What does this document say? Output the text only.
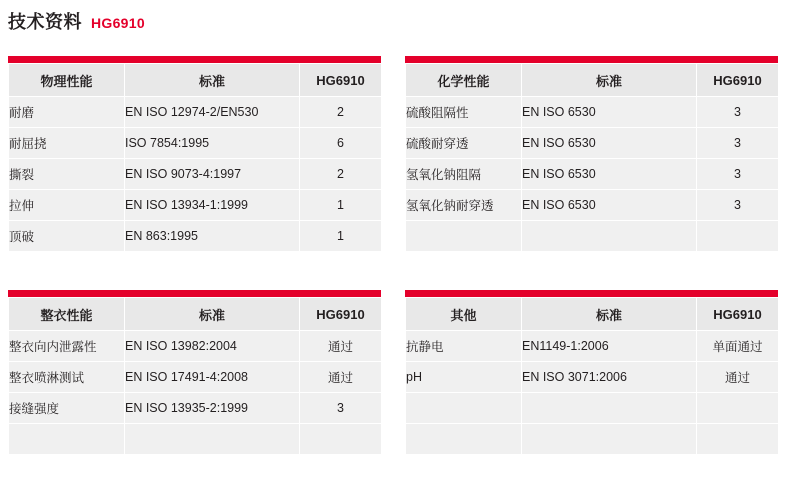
技术资料 HG6910
物理性能	标准	HG6910
耐磨	EN ISO 12974-2/EN530	2
耐屈挠	ISO 7854:1995	6
撕裂	EN ISO 9073-4:1997	2
拉伸	EN ISO 13934-1:1999	1
顶破	EN 863:1995	1
化学性能	标准	HG6910
硫酸阻隔性	EN ISO 6530	3
硫酸耐穿透	EN ISO 6530	3
氢氧化钠阻隔	EN ISO 6530	3
氢氧化钠耐穿透	EN ISO 6530	3

整衣性能	标准	HG6910
整衣向内泄露性	EN ISO 13982:2004	通过
整衣喷淋测试	EN ISO 17491-4:2008	通过
接缝强度	EN ISO 13935-2:1999	3

其他	标准	HG6910
抗静电	EN1149-1:2006	单面通过
pH	EN ISO 3071:2006	通过
